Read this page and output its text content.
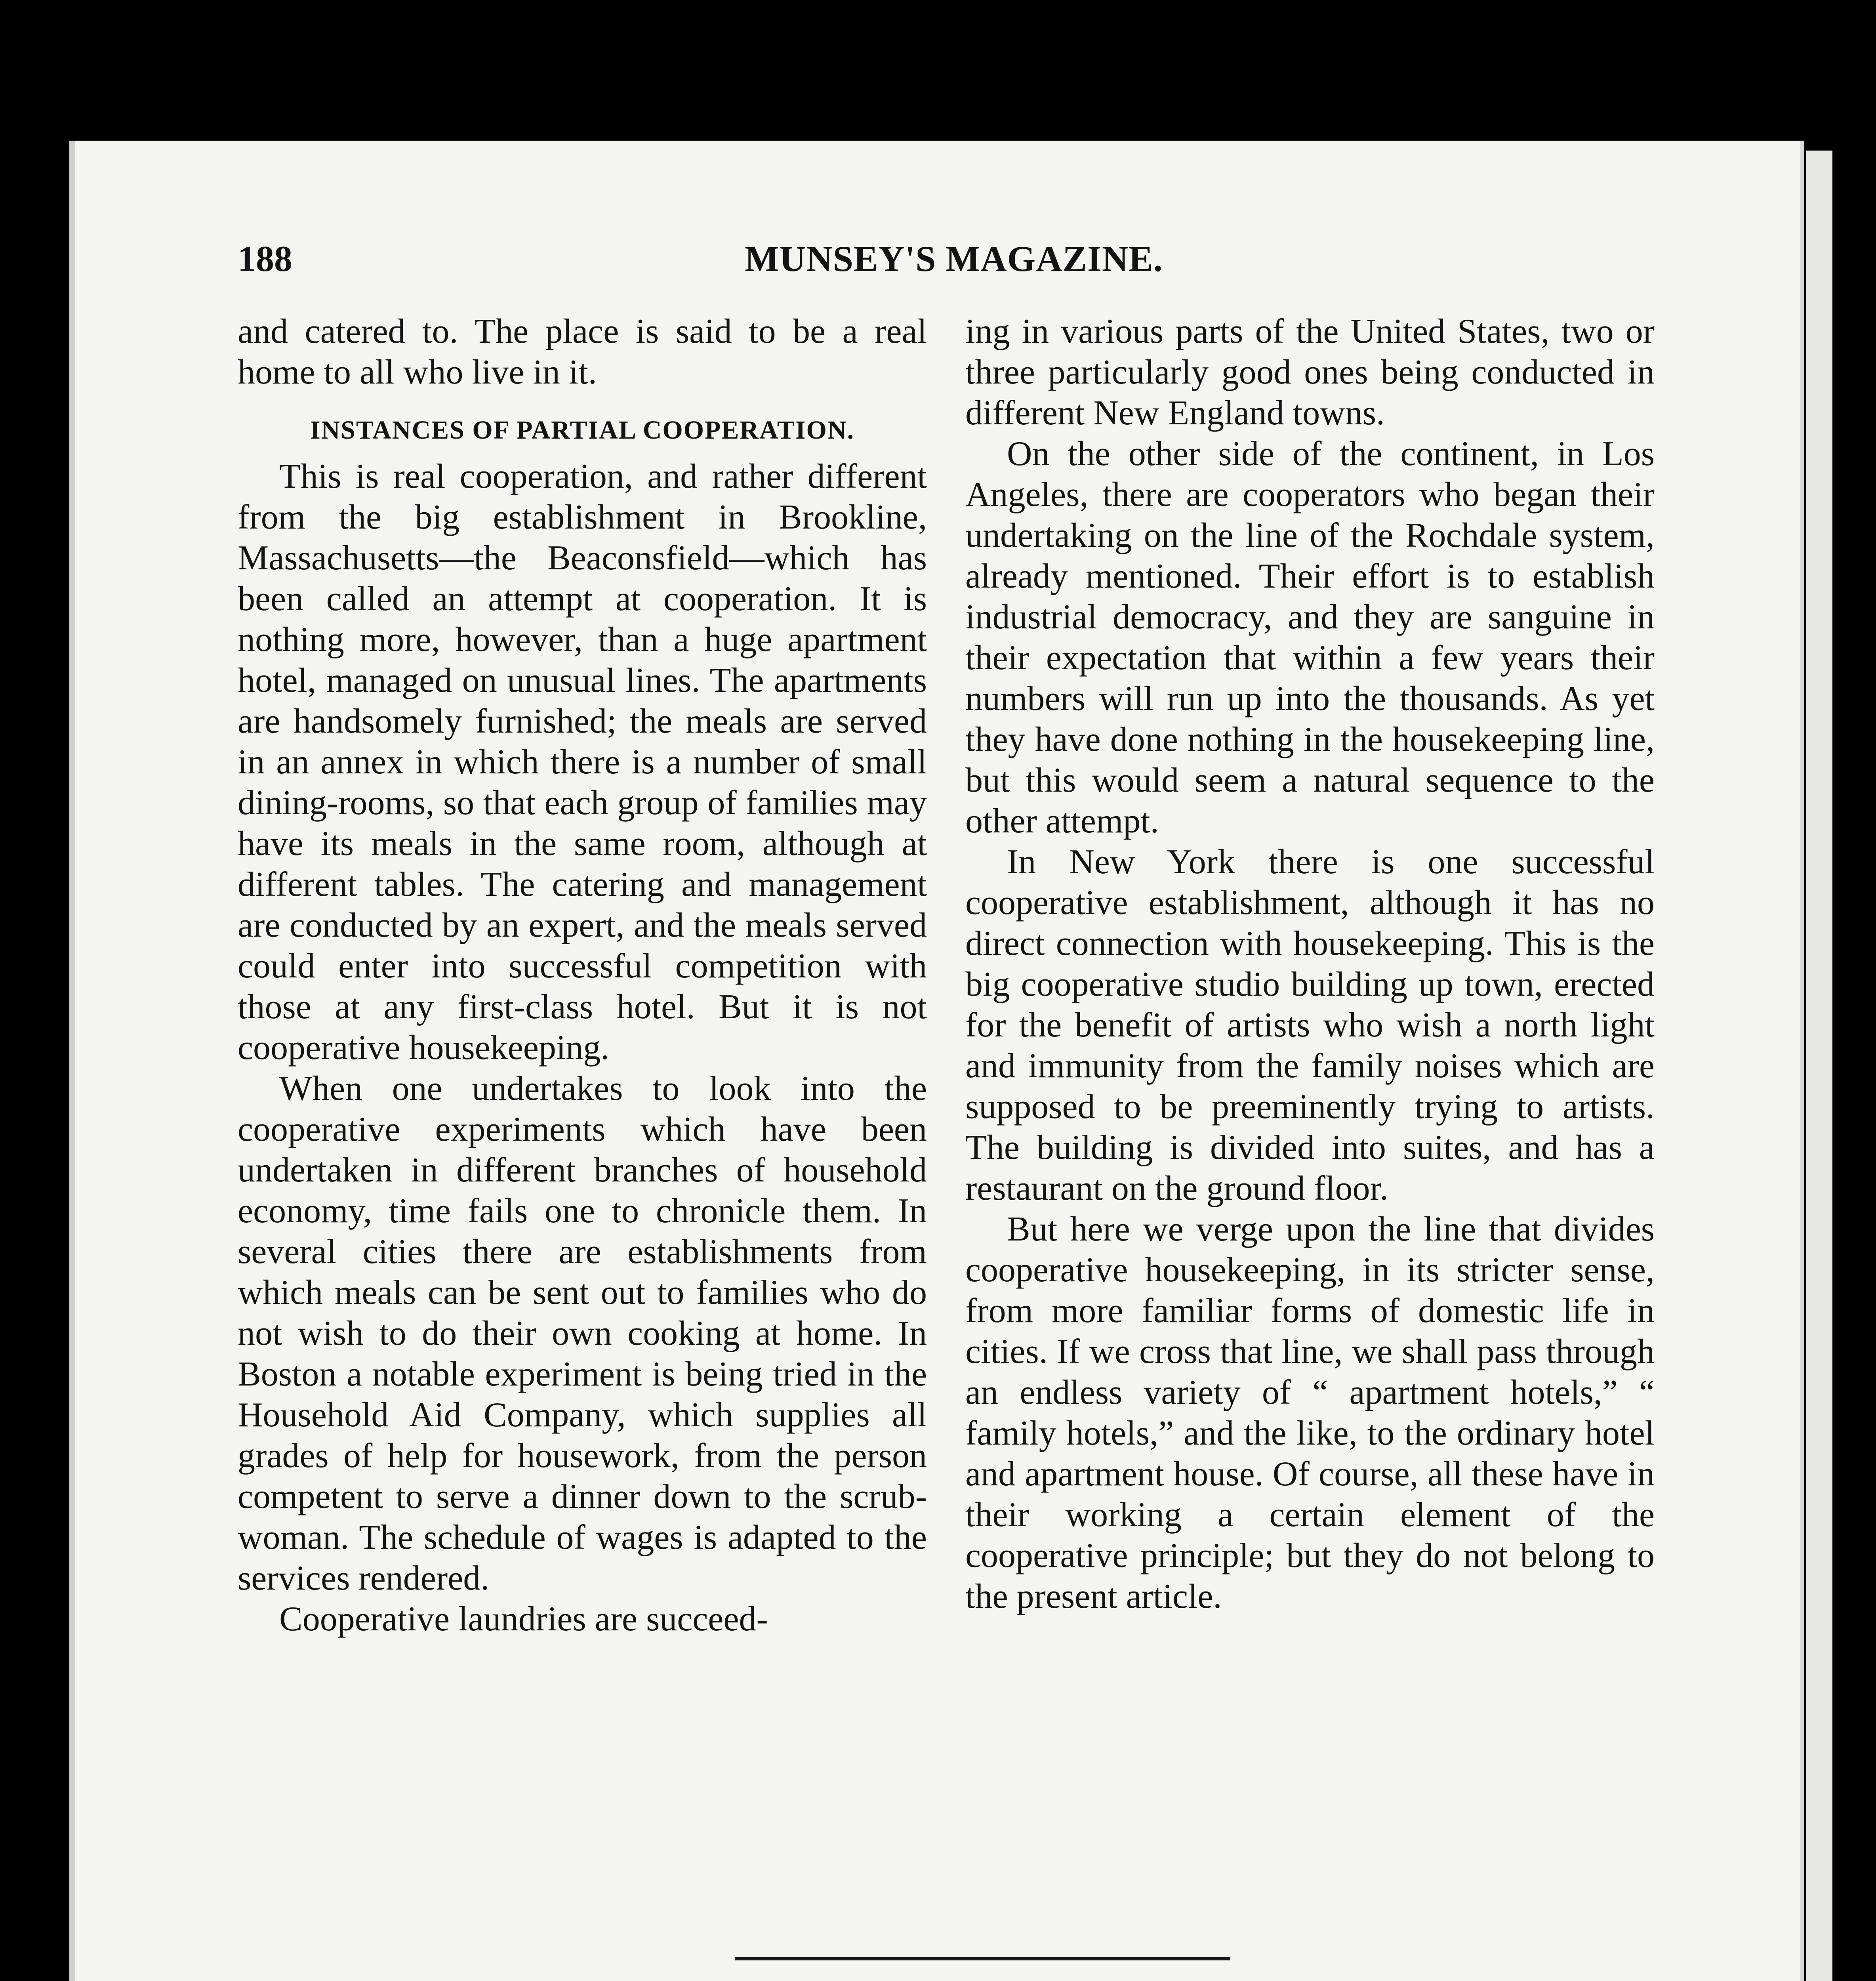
188	MUNSEY'S MAGAZINE.

and catered to. The place is said to be a real home to all who live in it.

INSTANCES OF PARTIAL COOPERATION.

This is real cooperation, and rather different from the big establishment in Brookline, Massachusetts—the Beaconsfield—which has been called an attempt at cooperation. It is nothing more, however, than a huge apartment hotel, managed on unusual lines. The apartments are handsomely furnished; the meals are served in an annex in which there is a number of small dining-rooms, so that each group of families may have its meals in the same room, although at different tables. The catering and management are conducted by an expert, and the meals served could enter into successful competition with those at any first-class hotel. But it is not cooperative housekeeping.

When one undertakes to look into the cooperative experiments which have been undertaken in different branches of household economy, time fails one to chronicle them. In several cities there are establishments from which meals can be sent out to families who do not wish to do their own cooking at home. In Boston a notable experiment is being tried in the Household Aid Company, which supplies all grades of help for housework, from the person competent to serve a dinner down to the scrub-woman. The schedule of wages is adapted to the services rendered.

Cooperative laundries are succeed-

ing in various parts of the United States, two or three particularly good ones being conducted in different New England towns.

On the other side of the continent, in Los Angeles, there are cooperators who began their undertaking on the line of the Rochdale system, already mentioned. Their effort is to establish industrial democracy, and they are sanguine in their expectation that within a few years their numbers will run up into the thousands. As yet they have done nothing in the housekeeping line, but this would seem a natural sequence to the other attempt.

In New York there is one successful cooperative establishment, although it has no direct connection with housekeeping. This is the big cooperative studio building up town, erected for the benefit of artists who wish a north light and immunity from the family noises which are supposed to be preeminently trying to artists. The building is divided into suites, and has a restaurant on the ground floor.

But here we verge upon the line that divides cooperative housekeeping, in its stricter sense, from more familiar forms of domestic life in cities. If we cross that line, we shall pass through an endless variety of “ apartment hotels,” “ family hotels,” and the like, to the ordinary hotel and apartment house. Of course, all these have in their working a certain element of the cooperative principle; but they do not belong to the present article.
